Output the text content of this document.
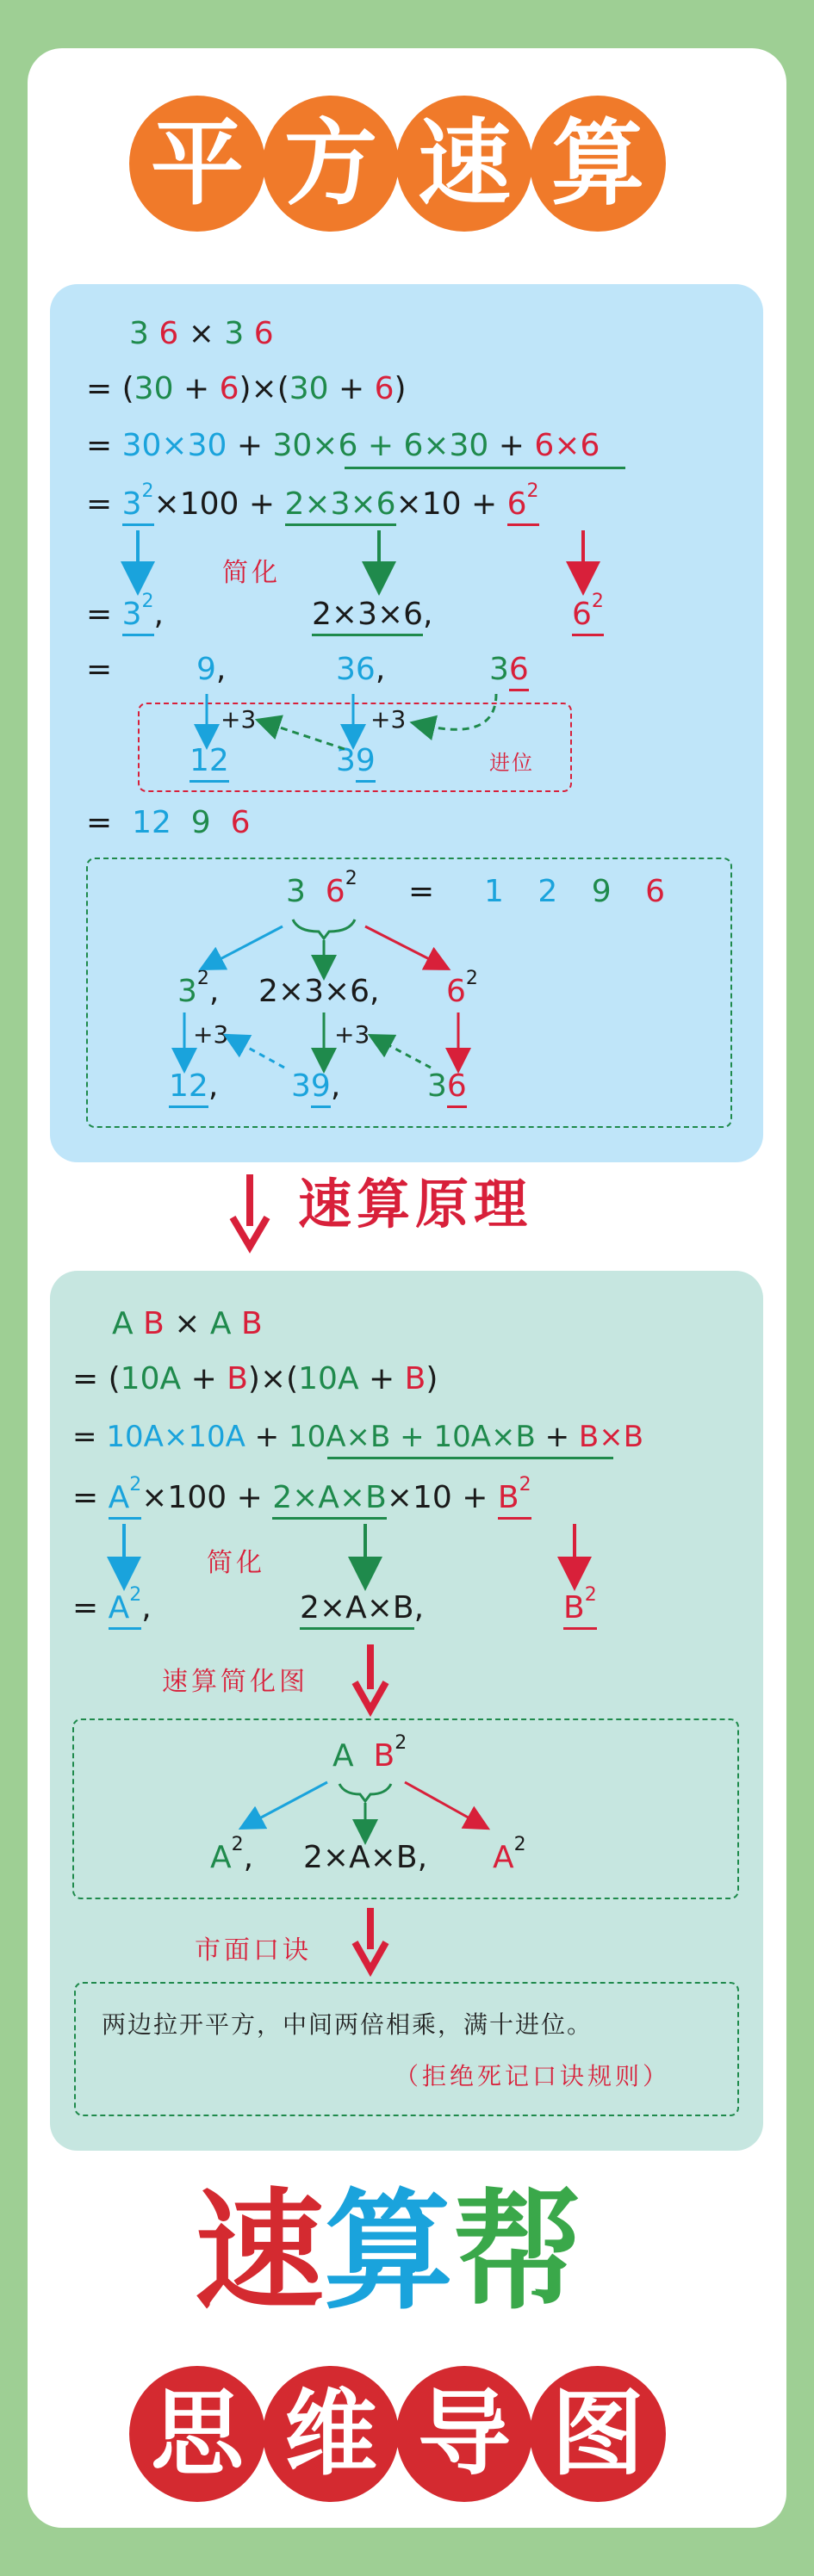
平 方 速 算
3 6 × 3 6
= (30 + 6)×(30 + 6)
= 30×30 + 30×6 + 6×30 + 6×6
= $3^2\times 100 + 2\times 3\times 6\times 10 + 6^2$
简化
= $3^2$,	2×3×6,	$6^2$
=	9,	36,	36
+3	+3
12	39	进位
= 12 9 6
3 $6^2 = 1$ 2 9 6
$3^2$, 2×3×6, $6^2$
+3	+3
12, 39,	36
速算原理
A B × A B
= (10A + B)×(10A + B)
= 10A×10A + 10A×B + 10A×B + B×B
= $A^2\times 100 + 2\times A\times B\times 10 + B^2$
简化
= $A^2$,	2×A×B,	$B^2$
速算简化图
A $B^2$
$A^2$, 2×A×B, $A^2$
市面口诀
两边拉开平方，中间两倍相乘，满十进位。
（拒绝死记口诀规则）
速算帮
思 维 导 图
